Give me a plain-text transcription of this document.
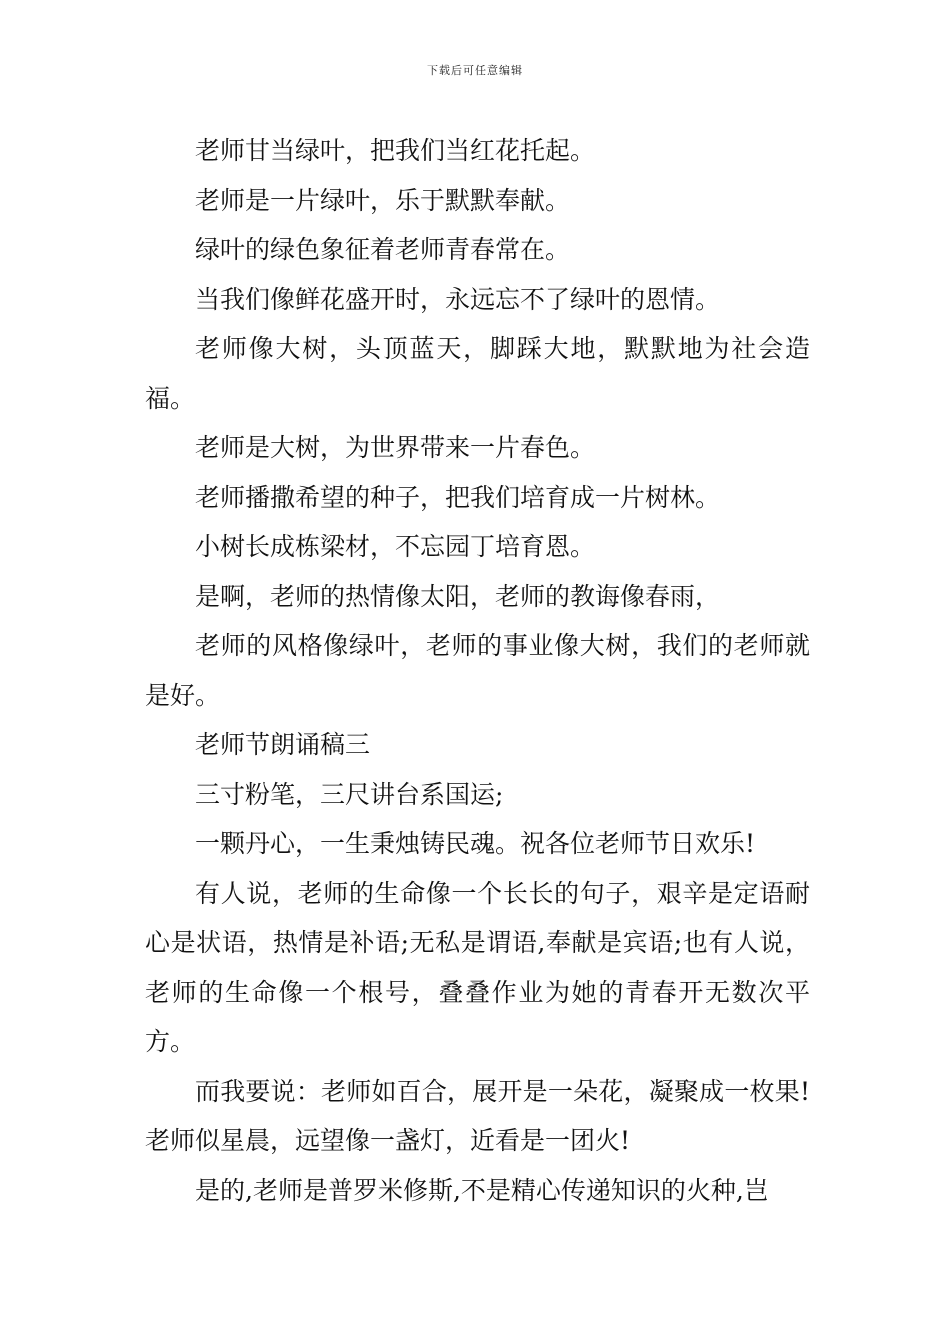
下载后可任意编辑

老师甘当绿叶，把我们当红花托起。

老师是一片绿叶，乐于默默奉献。

绿叶的绿色象征着老师青春常在。

当我们像鲜花盛开时，永远忘不了绿叶的恩情。

老师像大树，头顶蓝天，脚踩大地，默默地为社会造福。

老师是大树，为世界带来一片春色。

老师播撒希望的种子，把我们培育成一片树林。

小树长成栋梁材，不忘园丁培育恩。

是啊，老师的热情像太阳，老师的教诲像春雨，

老师的风格像绿叶，老师的事业像大树，我们的老师就是好。

老师节朗诵稿三

三寸粉笔，三尺讲台系国运;

一颗丹心，一生秉烛铸民魂。祝各位老师节日欢乐!

有人说，老师的生命像一个长长的句子，艰辛是定语耐心是状语，热情是补语;无私是谓语,奉献是宾语;也有人说，老师的生命像一个根号，叠叠作业为她的青春开无数次平方。

而我要说：老师如百合，展开是一朵花，凝聚成一枚果!老师似星晨，远望像一盏灯，近看是一团火!

是的,老师是普罗米修斯,不是精心传递知识的火种,岂
